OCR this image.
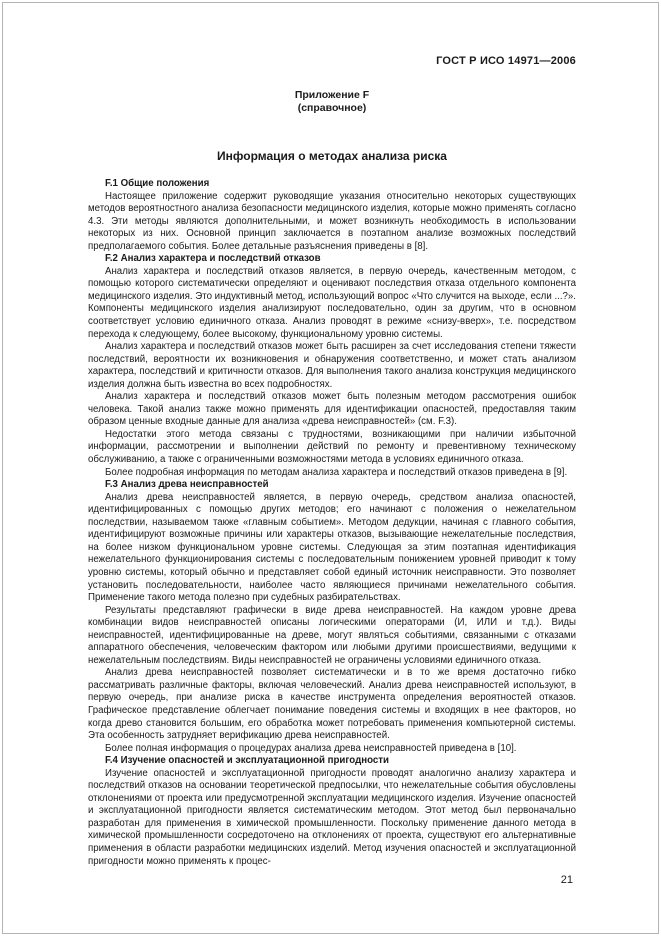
ГОСТ Р ИСО 14971—2006
Приложение F
(справочное)
Информация о методах анализа риска

F.1 Общие положения

Настоящее приложение содержит руководящие указания относительно некоторых существующих методов вероятностного анализа безопасности медицинского изделия, которые можно применять согласно 4.3. Эти методы являются дополнительными, и может возникнуть необходимость в использовании некоторых из них. Основной принцип заключается в поэтапном анализе возможных последствий предполагаемого события. Более детальные разъяснения приведены в [8].

F.2 Анализ характера и последствий отказов

Анализ характера и последствий отказов является, в первую очередь, качественным методом, с помощью которого систематически определяют и оценивают последствия отказа отдельного компонента медицинского изделия. Это индуктивный метод, использующий вопрос «Что случится на выходе, если ...?». Компоненты медицинского изделия анализируют последовательно, один за другим, что в основном соответствует условию единичного отказа. Анализ проводят в режиме «снизу-вверх», т.е. посредством перехода к следующему, более высокому, функциональному уровню системы.

Анализ характера и последствий отказов может быть расширен за счет исследования степени тяжести последствий, вероятности их возникновения и обнаружения соответственно, и может стать анализом характера, последствий и критичности отказов. Для выполнения такого анализа конструкция медицинского изделия должна быть известна во всех подробностях.

Анализ характера и последствий отказов может быть полезным методом рассмотрения ошибок человека. Такой анализ также можно применять для идентификации опасностей, предоставляя таким образом ценные входные данные для анализа «древа неисправностей» (см. F.3).

Недостатки этого метода связаны с трудностями, возникающими при наличии избыточной информации, рассмотрении и выполнении действий по ремонту и превентивному техническому обслуживанию, а также с ограниченными возможностями метода в условиях единичного отказа.

Более подробная информация по методам анализа характера и последствий отказов приведена в [9].

F.3 Анализ древа неисправностей

Анализ древа неисправностей является, в первую очередь, средством анализа опасностей, идентифицированных с помощью других методов; его начинают с положения о нежелательном последствии, называемом также «главным событием». Методом дедукции, начиная с главного события, идентифицируют возможные причины или характеры отказов, вызывающие нежелательные последствия, на более низком функциональном уровне системы. Следующая за этим поэтапная идентификация нежелательного функционирования системы с последовательным понижением уровней приводит к тому уровню системы, который обычно и представляет собой единый источник неисправности. Это позволяет установить последовательности, наиболее часто являющиеся причинами нежелательного события. Применение такого метода полезно при судебных разбирательствах.

Результаты представляют графически в виде древа неисправностей. На каждом уровне древа комбинации видов неисправностей описаны логическими операторами (И, ИЛИ и т.д.). Виды неисправностей, идентифицированные на древе, могут являться событиями, связанными с отказами аппаратного обеспечения, человеческим фактором или любыми другими происшествиями, ведущими к нежелательным последствиям. Виды неисправностей не ограничены условиями единичного отказа.

Анализ древа неисправностей позволяет систематически и в то же время достаточно гибко рассматривать различные факторы, включая человеческий. Анализ древа неисправностей используют, в первую очередь, при анализе риска в качестве инструмента определения вероятностей отказов. Графическое представление облегчает понимание поведения системы и входящих в нее факторов, но когда древо становится большим, его обработка может потребовать применения компьютерной системы. Эта особенность затрудняет верификацию древа неисправностей.

Более полная информация о процедурах анализа древа неисправностей приведена в [10].

F.4 Изучение опасностей и эксплуатационной пригодности

Изучение опасностей и эксплуатационной пригодности проводят аналогично анализу характера и последствий отказов на основании теоретической предпосылки, что нежелательные события обусловлены отклонениями от проекта или предусмотренной эксплуатации медицинского изделия. Изучение опасностей и эксплуатационной пригодности является систематическим методом. Этот метод был первоначально разработан для применения в химической промышленности. Поскольку применение данного метода в химической промышленности сосредоточено на отклонениях от проекта, существуют его альтернативные применения в области разработки медицинских изделий. Метод изучения опасностей и эксплуатационной пригодности можно применять к процес-

21
